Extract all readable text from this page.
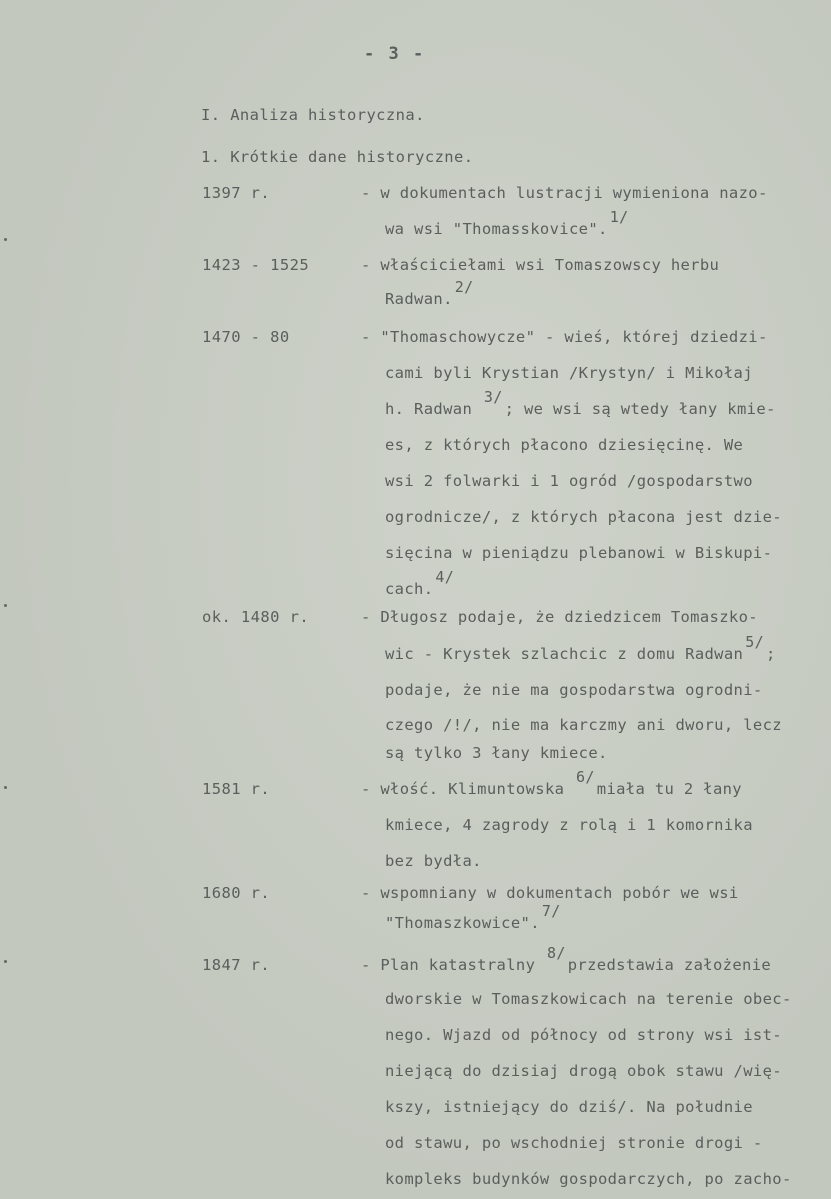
- 3 -
I. Analiza historyczna.
1. Krótkie dane historyczne.
1397 r.	- w dokumentach lustracji wymieniona nazo-
wa wsi "Thomasskovice".1/
1423 - 1525	- właściciełami wsi Tomaszowscy herbu
Radwan.2/
1470 - 80	- "Thomaschowycze" - wieś, której dziedzi-
cami byli Krystian /Krystyn/ i Mikołaj
h. Radwan 3/; we wsi są wtedy łany kmie-
es, z których płacono dziesięcinę. We
wsi 2 folwarki i 1 ogród /gospodarstwo
ogrodnicze/, z których płacona jest dzie-
sięcina w pieniądzu plebanowi w Biskupi-
cach.4/
ok. 1480 r.	- Długosz podaje, że dziedzicem Tomaszko-
wic - Krystek szlachcic z domu Radwan5/;
podaje, że nie ma gospodarstwa ogrodni-
czego /!/, nie ma karczmy ani dworu, lecz
są tylko 3 łany kmiece.
1581 r.	- włość. Klimuntowska 6/miała tu 2 łany
kmiece, 4 zagrody z rolą i 1 komornika
bez bydła.
1680 r.	- wspomniany w dokumentach pobór we wsi
"Thomaszkowice".7/
1847 r.	- Plan katastralny 8/przedstawia założenie
dworskie w Tomaszkowicach na terenie obec-
nego. Wjazd od północy od strony wsi ist-
niejącą do dzisiaj drogą obok stawu /wię-
kszy, istniejący do dziś/. Na południe
od stawu, po wschodniej stronie drogi -
kompleks budynków gospodarczych, po zacho-
